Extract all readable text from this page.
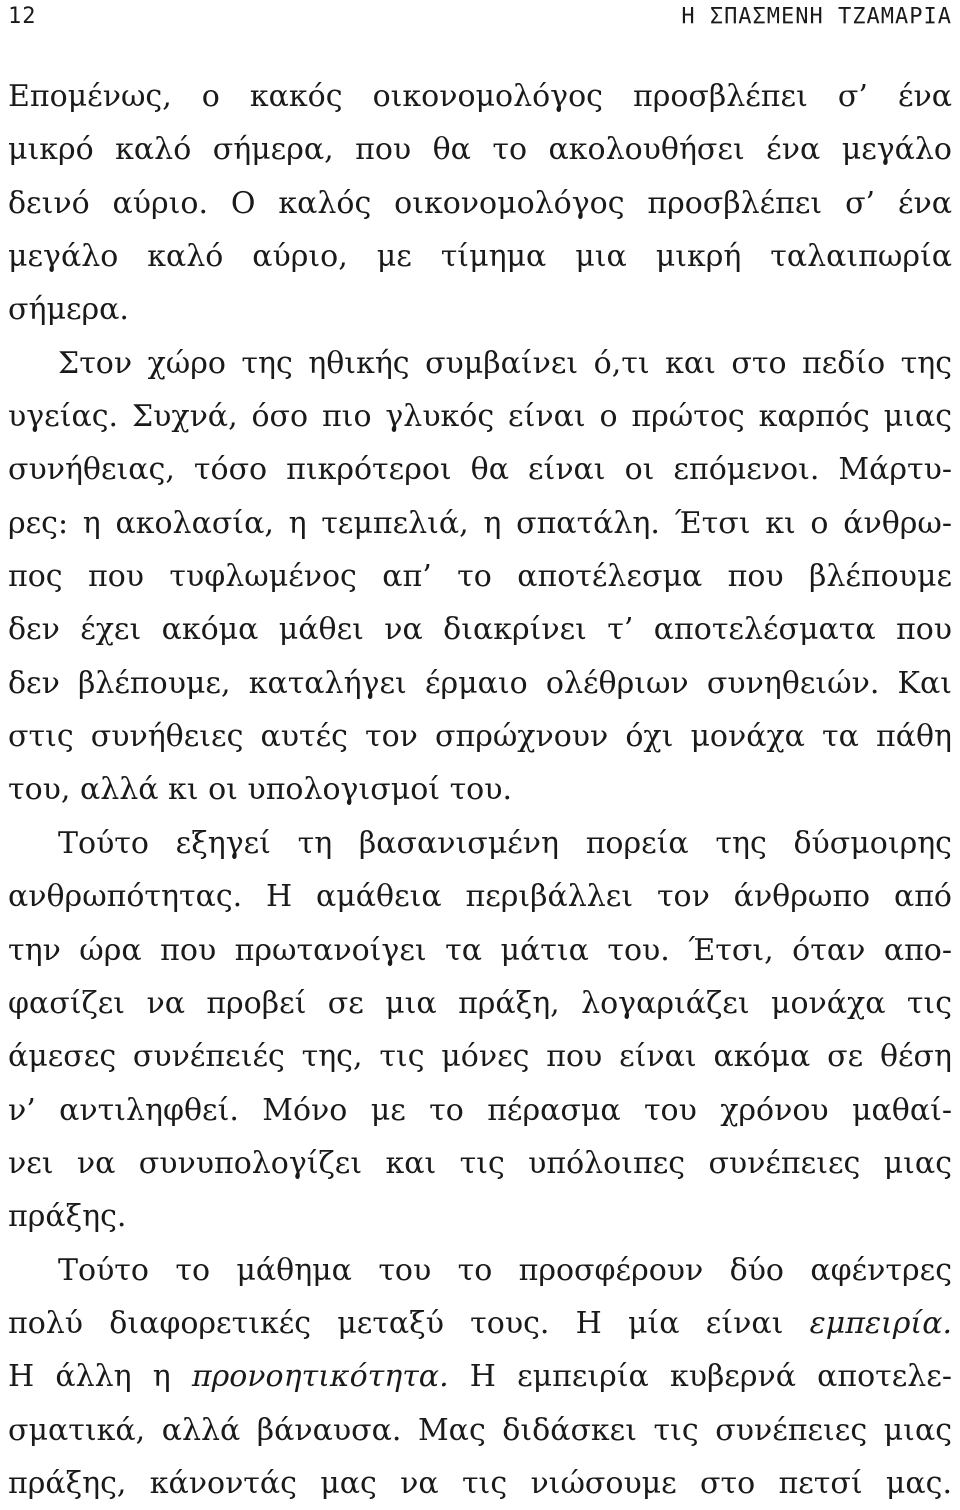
12	Η ΣΠΑΣΜΕΝΗ ΤΖΑΜΑΡΙΑ
Επομένως, ο κακός οικονομολόγος προσβλέπει σ’ ένα
μικρό καλό σήμερα, που θα το ακολουθήσει ένα μεγάλο
δεινό αύριο. Ο καλός οικονομολόγος προσβλέπει σ’ ένα
μεγάλο καλό αύριο, με τίμημα μια μικρή ταλαιπωρία
σήμερα.
Στον χώρο της ηθικής συμβαίνει ό,τι και στο πεδίο της
υγείας. Συχνά, όσο πιο γλυκός είναι ο πρώτος καρπός μιας
συνήθειας, τόσο πικρότεροι θα είναι οι επόμενοι. Μάρτυ-
ρες: η ακολασία, η τεμπελιά, η σπατάλη. Έτσι κι ο άνθρω-
πος που τυφλωμένος απ’ το αποτέλεσμα που βλέπουμε
δεν έχει ακόμα μάθει να διακρίνει τ’ αποτελέσματα που
δεν βλέπουμε, καταλήγει έρμαιο ολέθριων συνηθειών. Και
στις συνήθειες αυτές τον σπρώχνουν όχι μονάχα τα πάθη
του, αλλά κι οι υπολογισμοί του.
Τούτο εξηγεί τη βασανισμένη πορεία της δύσμοιρης
ανθρωπότητας. Η αμάθεια περιβάλλει τον άνθρωπο από
την ώρα που πρωτανοίγει τα μάτια του. Έτσι, όταν απο-
φασίζει να προβεί σε μια πράξη, λογαριάζει μονάχα τις
άμεσες συνέπειές της, τις μόνες που είναι ακόμα σε θέση
ν’ αντιληφθεί. Μόνο με το πέρασμα του χρόνου μαθαί-
νει να συνυπολογίζει και τις υπόλοιπες συνέπειες μιας
πράξης.
Τούτο το μάθημα του το προσφέρουν δύο αφέντρες
πολύ διαφορετικές μεταξύ τους. Η μία είναι εμπειρία.
Η άλλη η προνοητικότητα. Η εμπειρία κυβερνά αποτελε-
σματικά, αλλά βάναυσα. Μας διδάσκει τις συνέπειες μιας
πράξης, κάνοντάς μας να τις νιώσουμε στο πετσί μας.
